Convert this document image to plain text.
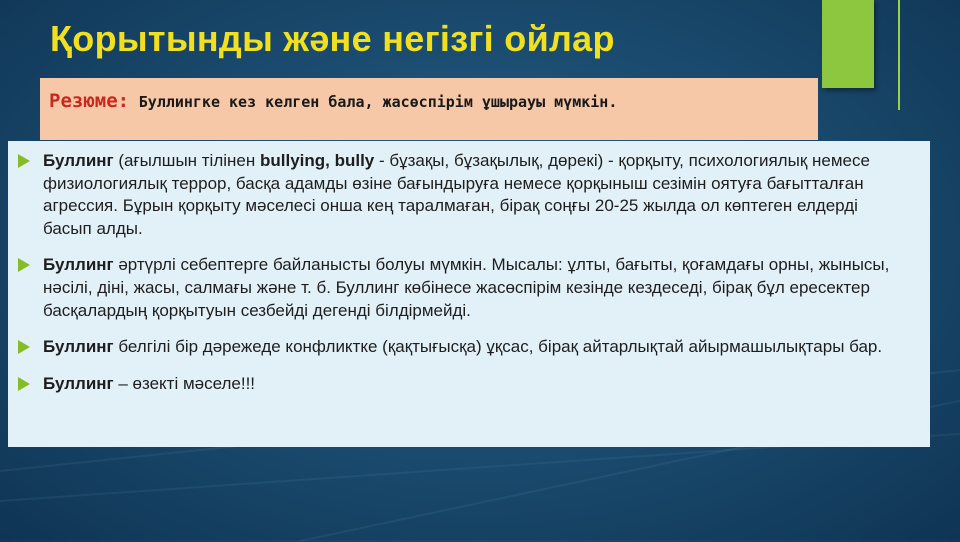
Қорытынды және негізгі ойлар
Резюме: Буллингке кез келген бала, жасөспірім ұшырауы мүмкін.
Буллинг (ағылшын тілінен bullying, bully - бұзақы, бұзақылық, дөрекі) - қорқыту, психологиялық немесе физиологиялық террор, басқа адамды өзіне бағындыруға немесе қорқыныш сезімін оятуға бағытталған агрессия. Бұрын қорқыту мәселесі онша кең таралмаған, бірақ соңғы 20-25 жылда ол көптеген елдерді басып алды.
Буллинг әртүрлі себептерге байланысты болуы мүмкін. Мысалы: ұлты, бағыты, қоғамдағы орны, жынысы, нәсілі, діні, жасы, салмағы және т. б. Буллинг көбінесе жасөспірім кезінде кездеседі, бірақ бұл ересектер басқалардың қорқытуын сезбейді дегенді білдірмейді.
Буллинг белгілі бір дәрежеде конфликтке (қақтығысқа) ұқсас, бірақ айтарлықтай айырмашылықтары бар.
Буллинг – өзекті мәселе!!!
